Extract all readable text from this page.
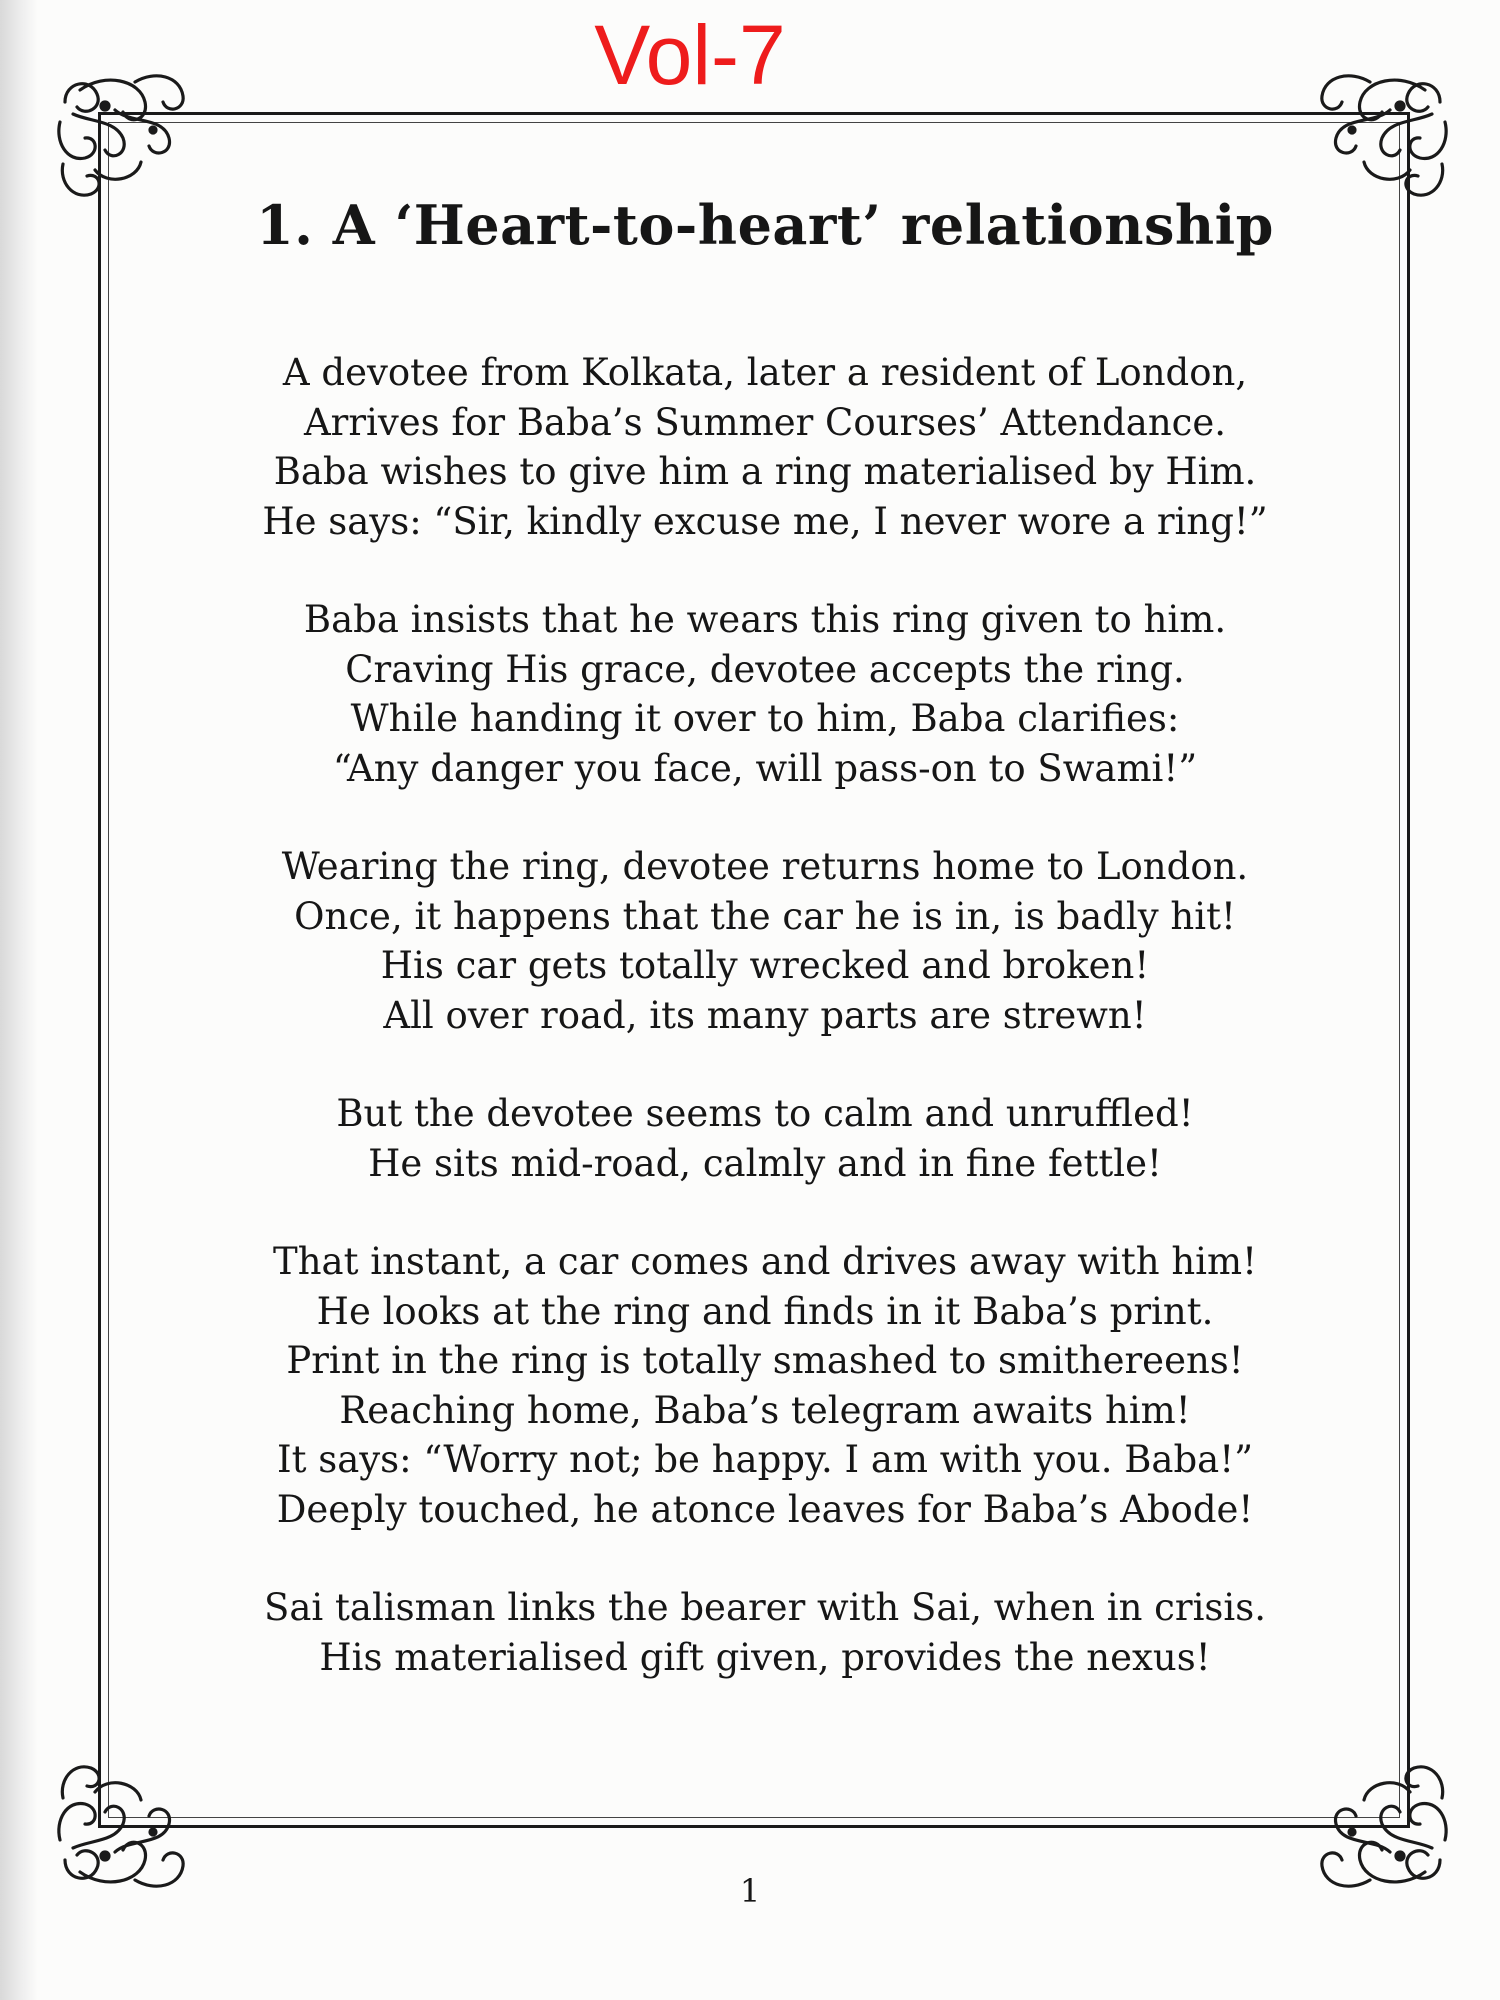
Vol-7
1. A ‘Heart-to-heart’ relationship

A devotee from Kolkata, later a resident of London,
Arrives for Baba’s Summer Courses’ Attendance.
Baba wishes to give him a ring materialised by Him.
He says: “Sir, kindly excuse me, I never wore a ring!”

Baba insists that he wears this ring given to him.
Craving His grace, devotee accepts the ring.
While handing it over to him, Baba clarifies:
“Any danger you face, will pass-on to Swami!”

Wearing the ring, devotee returns home to London.
Once, it happens that the car he is in, is badly hit!
His car gets totally wrecked and broken!
All over road, its many parts are strewn!

But the devotee seems to calm and unruffled!
He sits mid-road, calmly and in fine fettle!

That instant, a car comes and drives away with him!
He looks at the ring and finds in it Baba’s print.
Print in the ring is totally smashed to smithereens!
Reaching home, Baba’s telegram awaits him!
It says: “Worry not; be happy. I am with you. Baba!”
Deeply touched, he atonce leaves for Baba’s Abode!

Sai talisman links the bearer with Sai, when in crisis.
His materialised gift given, provides the nexus!

1
